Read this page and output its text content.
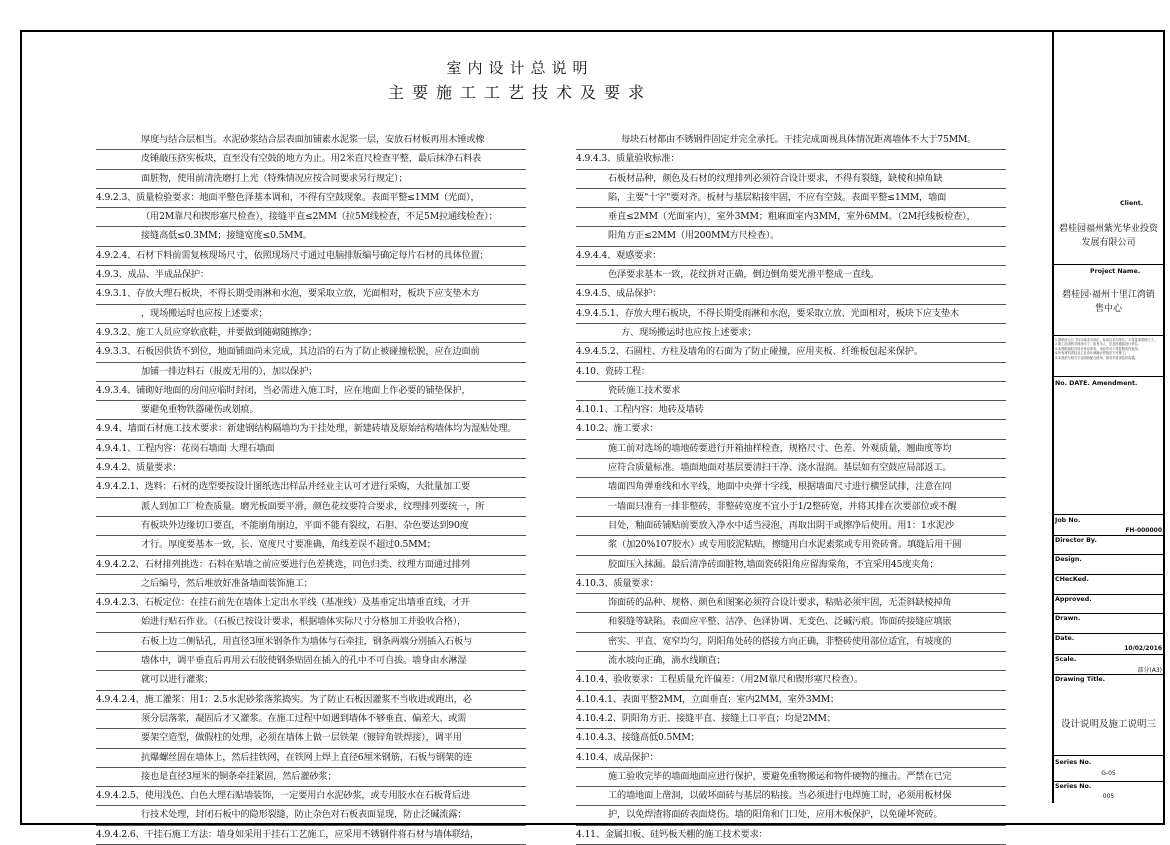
室内设计总说明
主要施工工艺技术及要求
厚度与结合层相当。水泥砂浆结合层表面加铺素水泥浆一层，安放石材板再用木锤或橡
皮锤敲压挤实板块，直至没有空鼓的地方为止。用2米直尺检查平整，最后抹净石料表
面脏物，使用前清洗磨打上光（特殊情况应按合同要求另行规定）；
4.9.2.3、质量检验要求：地面平整色泽基本调和，不得有空鼓现象。表面平整≤1MM（光面），
（用2M靠尺和锲形塞尺检查），接缝平直≤2MM（拉5M线检查，不足5M拉通线检查）；
接缝高低≤0.3MM；接缝宽度≤0.5MM。
4.9.2.4、石材下料前需复核现场尺寸，依照现场尺寸通过电脑排版编号确定每片石材的具体位置；
4.9.3、成品、半成品保护：
4.9.3.1、存放大理石板块，不得长期受雨淋和水泡，要采取立放，光面相对，板块下应支垫木方
，现场搬运时也应按上述要求；
4.9.3.2、施工人员应穿软底鞋，并要做到随砌随擦净；
4.9.3.3、石板因供货不到位，地面铺面尚未完成，其边沿的石为了防止被碰撞松脱，应在边面前
加铺一排边料石（报废无用的），加以保护；
4.9.3.4、铺砌好地面的房间应临时封闭，当必需进入施工时，应在地面上作必要的铺垫保护，
要避免重物铁器碰伤或划痕。
4.9.4、墙面石材施工技术要求：新建钢结构隔墙均为干挂处理，新建砖墙及原始结构墙体均为湿贴处理。
4.9.4.1、工程内容：花岗石墙面 大理石墙面
4.9.4.2、质量要求：
4.9.4.2.1、选料：石材的选型要按设计图纸选出样品并经业主认可才进行采购，大批量加工要
派人到加工厂检查质量。磨光板面要平滑，颜色花纹要符合要求，纹理排列要统一，所
有板块外边缘切口要直，不能崩角崩边，平面不能有裂纹，石胆、杂色要达到90度
才行。厚度要基本一致，长、宽度尺寸要准确，角线差误不超过0.5MM；
4.9.4.2.2、石材排列挑选：石料在贴墙之前应要进行色差挑选，同色归类、纹理方面通过排列
之后编号，然后堆放好准备墙面装饰施工；
4.9.4.2.3、石板定位：在挂石前先在墙体上定出水平线（基准线）及基垂定出墙垂直线，才开
始进行贴石作业。（石板已按设计要求，根据墙体实际尺寸分格加工并验收合格），
石板上边二侧钻孔，用直径3厘米钢条作为墙体与石牵挂，钢条两端分别插入石板与
墙体中，调平垂直后再用云石胶使钢条贴固在插入的孔中不可自拔。墙身由水淋湿
就可以进行灌浆；
4.9.4.2.4、施工灌浆：用1：2.5水泥砂浆落浆捣实。为了防止石板因灌浆不当收进或跑出，必
须分层落浆，凝固后才又灌浆。在施工过程中如遇到墙体不够垂直、偏差大、或需
要架空造型，做假柱的处理，必须在墙体上做一层铁架（镀锌角铁焊接），调平用
抗爆螺丝固在墙体上，然后挂铁网，在铁网上焊上直径6厘米钢筋，石板与钢架的连
接也是直径3厘米的铜条牵挂紧固，然后灌砂浆；
4.9.4.2.5、使用浅色、白色大理石贴墙装饰，一定要用白水泥砂浆，或专用胶水在石板背后进
行技术处理，封闭石板中的隐形裂缝，防止杂色对石板表面显现，防止泛碱流露；
4.9.4.2.6、干挂石施工方法：墙身如采用干挂石工艺施工，应采用不锈钢件将石材与墙体联结，
每块石材都由不锈钢件固定并完全承托。干挂完成面视具体情况距离墙体不大于75MM。
4.9.4.3、质量验收标准：
石板材品种，颜色及石材的纹理排列必须符合设计要求，不得有裂缝，缺棱和掉角缺
陷，主要"十字"要对齐。板材与基层粘接牢固，不应有空鼓。表面平整≤1MM，墙面
垂直≤2MM（光面室内），室外3MM；粗麻面室内3MM，室外6MM。（2M托线板检查），
阳角方正≤2MM（用200MM方尺检查）。
4.9.4.4、观感要求：
色泽要求基本一致，花纹拼对正确，倒边倒角要光滑平整成一直线。
4.9.4.5、成品保护：
4.9.4.5.1、存放大理石板块，不得长期受雨淋和水泡，要采取立放、光面相对，板块下应支垫木
方、现场搬运时也应按上述要求；
4.9.4.5.2、石圆柱、方柱及墙角的石面为了防止碰撞，应用夹板、纤维板包起来保护。
4.10、瓷砖工程：
瓷砖施工技术要求
4.10.1、工程内容：地砖及墙砖
4.10.2、施工要求：
施工前对选场的墙地砖要进行开箱抽样检查，规格尺寸、色差、外观质量，翘曲度等均
应符合质量标准。墙面地面对基层要清扫干净、浇水湿润。基层如有空鼓应局部返工。
墙面四角弹垂线和水平线，地面中央弹十字线，根据墙面尺寸进行横竖试排，注意在同
一墙面只准有一排非整砖，非整砖宽度不宜小于1/2整砖宽，并将其排在次要部位或不醒
目处，釉面砖铺贴前要放入净水中适当浸泡，再取出阴干或擦净后使用。用1：1水泥沙
浆（加20%107胶水）或专用胶泥粘贴，擦缝用白水泥素浆或专用瓷砖膏。填缝后用干圆
胶面压入抹漏。最后清净砖面脏物,墙面瓷砖阳角应留海棠角，不宜采用45度夹角；
4.10.3、质量要求：
饰面砖的品种、规格、颜色和图案必须符合设计要求，粘贴必须牢固，无歪斜缺棱掉角
和裂缝等缺陷。表面应平整、洁净、色泽协调、无变色、泛碱污痕。饰面砖接缝应填嵌
密实、平直、宽窄均匀，阴阳角处砖的搭接方向正确，非整砖使用部位适宜，有坡度的
流水坡向正确，滴水线顺直；
4.10.4、验收要求：工程质量允许偏差：（用2M靠尺和锲形塞尺检查）。
4.10.4.1、表面平整2MM，立面垂直；室内2MM，室外3MM；
4.10.4.2、阴阳角方正、接缝平直、接缝上口平直；均是2MM；
4.10.4.3、接缝高低0.5MM；
4.10.4、成品保护：
施工验收完毕的墙面地面应进行保护，要避免重物搬运和物件硬物的撞击。严禁在已完
工的墙地面上凿洞，以破坏面砖与基层的粘接。当必须进行电焊施工时，必须用板材保
护，以免焊渣将面砖表面烧伤。墙的阳角和门口处，应用木板保护，以免碰坏瓷砖。
4.11、金属扣板、硅钙板天棚的施工技术要求：
Client.
碧桂园福州紫光华业投资发展有限公司
Project Name.
碧桂园·福州十里江湾销售中心
1.图纸所示尺寸均以毫米为单位，标高以米为单位，不得量取图纸尺寸。
2.施工前须核对现场尺寸，如有出入，应及时通知设计单位。
3.本图纸版权归设计单位所有，未经许可不得复制或作他用。
4.所有材料须经业主及设计师确认样板后方可施工。
5.本图须与相关专业图纸配合使用，如有矛盾请及时沟通。
No. DATE. Amendment.
Job No.
FH-000000
Director By.
Design.
CHecKed.
Approved.
Drawn.
Date.
10/02/2016
Scale.
部分(A3)
Drawing Title.
设计说明及施工说明三
Series No.
G-05
Series No.
005
